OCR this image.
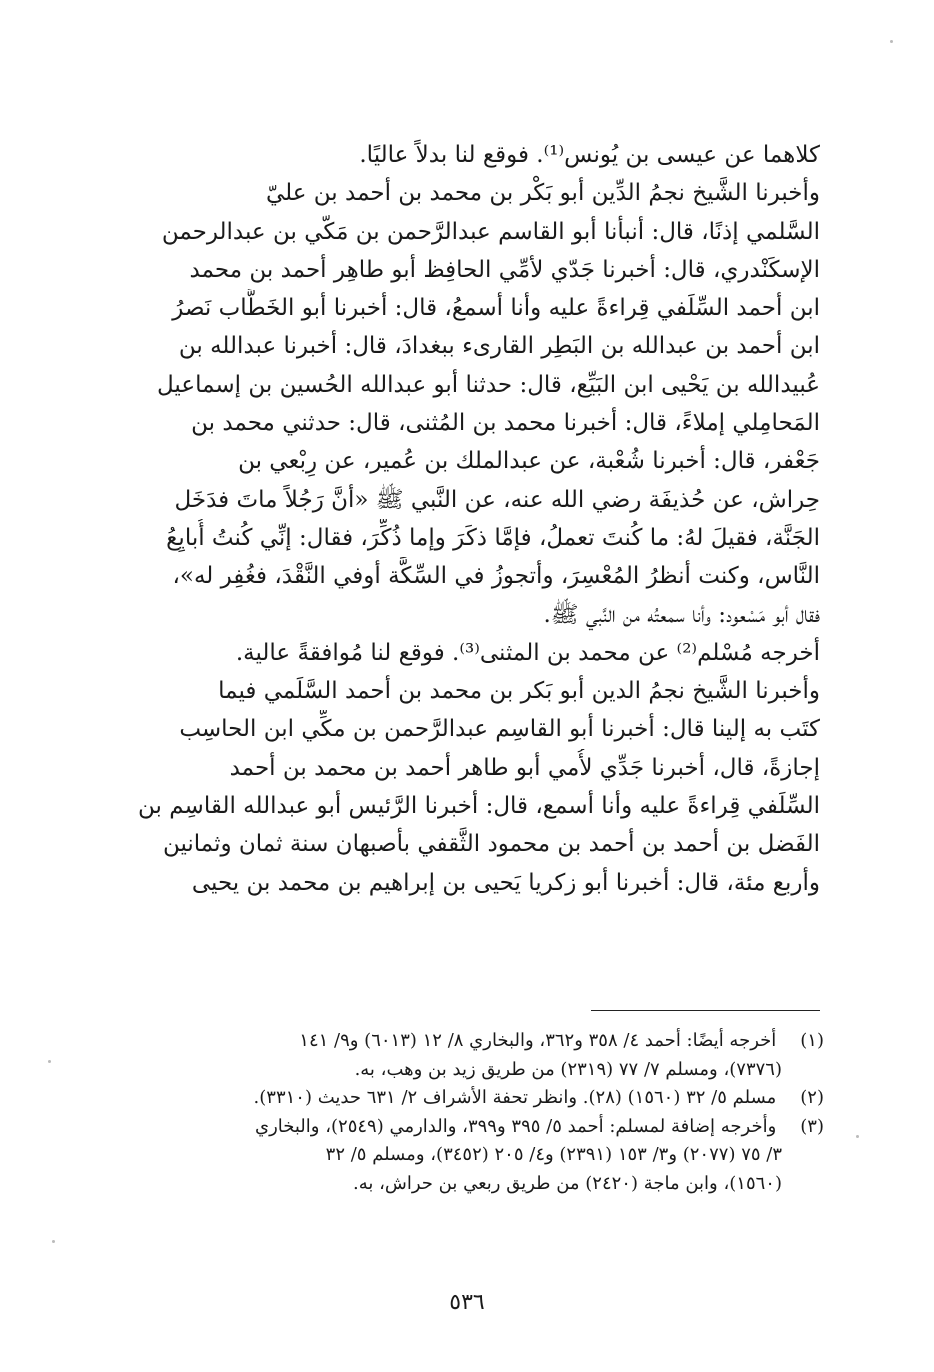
كلاهما عن عيسى بن يُونس⁽¹⁾. فوقع لنا بدلاً عاليًا.
وأخبرنا الشَّيخ نجمُ الدِّين أبو بَكْر بن محمد بن أحمد بن عليّ
السَّلمي إذنًا، قال: أنبأنا أبو القاسم عبدالرَّحمن بن مَكّي بن عبدالرحمن
الإسكَنْدري، قال: أخبرنا جَدّي لأمِّي الحافِظ أبو طاهِر أحمد بن محمد
ابن أحمد السِّلَفي قِراءةً عليه وأنا أسمعُ، قال: أخبرنا أبو الخَطَّاب نَصرُ
ابن أحمد بن عبدالله بن البَطِر القارىء ببغدادَ، قال: أخبرنا عبدالله بن
عُبيدالله بن يَحْيى ابن البَيِّع، قال: حدثنا أبو عبدالله الحُسين بن إسماعيل
المَحامِلي إملاءً، قال: أخبرنا محمد بن المُثنى، قال: حدثني محمد بن
جَعْفر، قال: أخبرنا شُعْبة، عن عبدالملك بن عُمير، عن رِبْعي بن
حِراش، عن حُذيفَة رضي الله عنه، عن النَّبي ﷺ «أنَّ رَجُلاً ماتَ فدَخَل
الجَنَّة، فقيلَ لهُ: ما كُنتَ تعملُ، فإمَّا ذكَرَ وإما ذُكِّرَ، فقال: إنِّي كُنتُ أُبايِعُ
النَّاس، وكنت أنظرُ المُعْسِرَ، وأتجوزُ في السِّكَّة أوفي النَّقْدَ، فغُفِر له»،
فقال أبو مَسْعود: وأنا سمعتُه من النَّبي ﷺ.
أخرجه مُسْلم⁽²⁾ عن محمد بن المثنى⁽³⁾. فوقع لنا مُوافقةً عالية.
وأخبرنا الشَّيخ نجمُ الدين أبو بَكر بن محمد بن أحمد السَّلَمي فيما
كتَب به إلينا قال: أخبرنا أبو القاسِم عبدالرَّحمن بن مكِّي ابن الحاسِب
إجازةً، قال، أخبرنا جَدِّي لأُمي أبو طاهر أحمد بن محمد بن أحمد
السِّلَفي قِراءةً عليه وأنا أسمع، قال: أخبرنا الرَّئيس أبو عبدالله القاسِم بن
الفَضل بن أحمد بن أحمد بن محمود الثَّقفي بأصبهان سنة ثمان وثمانين
وأربع مئة، قال: أخبرنا أبو زكريا يَحيى بن إبراهيم بن محمد بن يحيى
(١) أخرجه أيضًا: أحمد ٤/ ٣٥٨ و٣٦٢، والبخاري ٨/ ١٢ (٦٠١٣) و٩/ ١٤١
(٧٣٧٦)، ومسلم ٧/ ٧٧ (٢٣١٩) من طريق زيد بن وهب، به.
(٢) مسلم ٥/ ٣٢ (١٥٦٠) (٢٨). وانظر تحفة الأشراف ٢/ ٦٣١ حديث (٣٣١٠).
(٣) وأخرجه إضافة لمسلم: أحمد ٥/ ٣٩٥ و٣٩٩، والدارمي (٢٥٤٩)، والبخاري
٣/ ٧٥ (٢٠٧٧) و٣/ ١٥٣ (٢٣٩١) و٤/ ٢٠٥ (٣٤٥٢)، ومسلم ٥/ ٣٢
(١٥٦٠)، وابن ماجة (٢٤٢٠) من طريق ربعي بن حراش، به.
٥٣٦
